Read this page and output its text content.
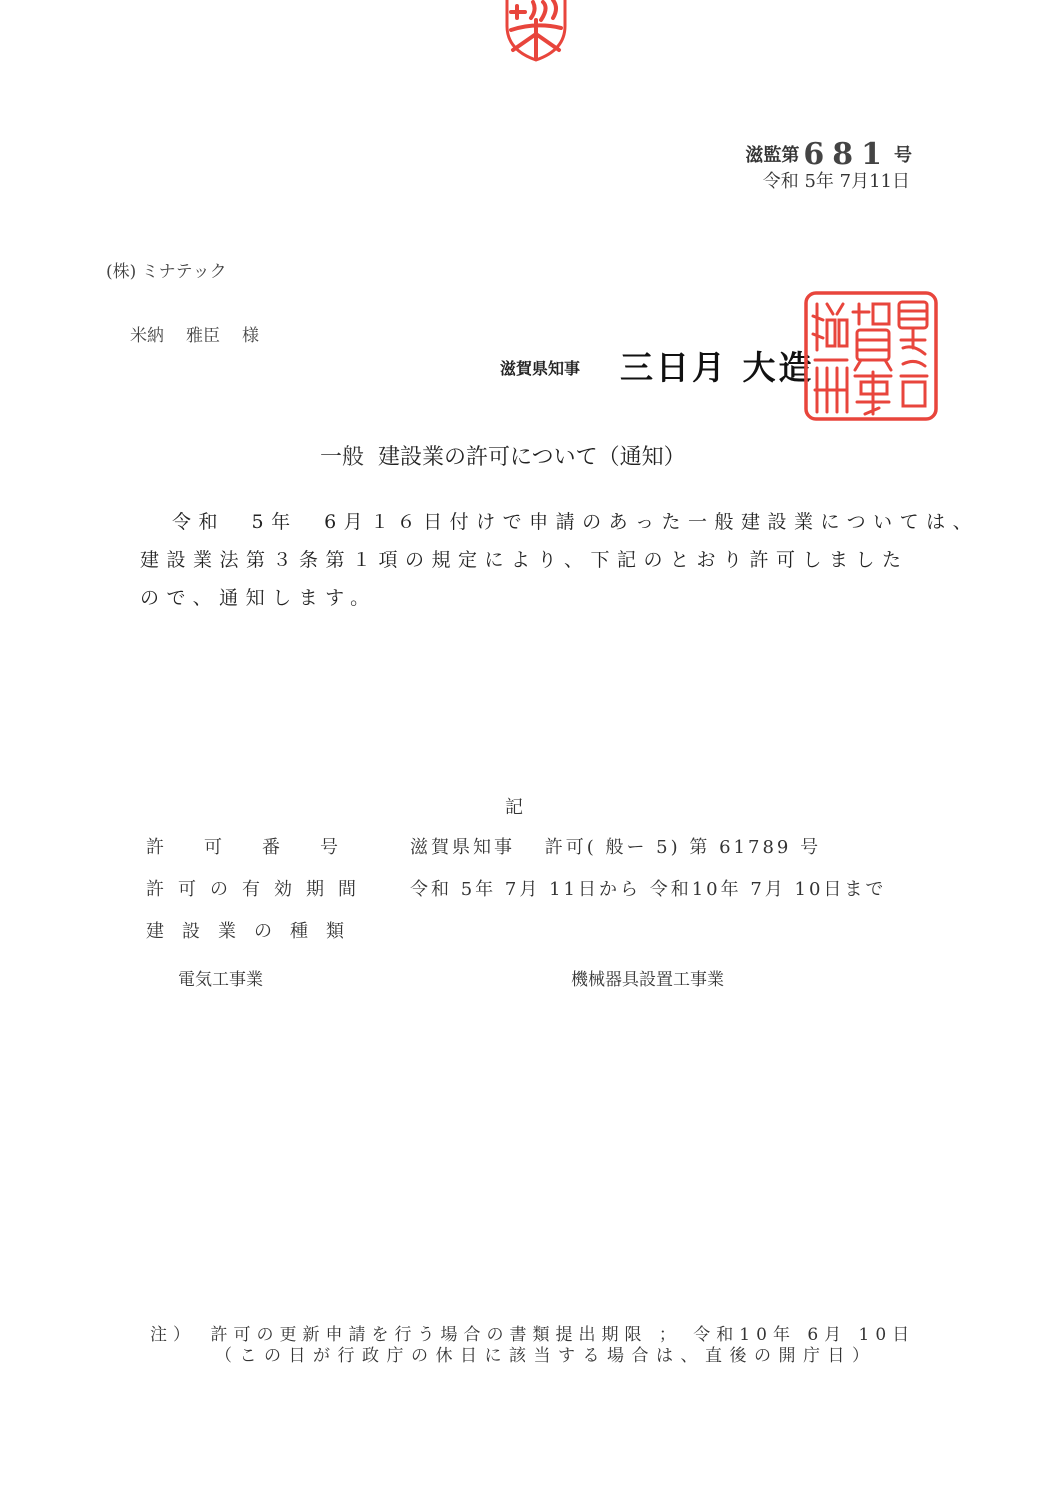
滋監第 681 号
令和 5年 7月11日
(株) ミナテック
米納 雅臣 様
滋賀県知事 三日月 大造
一般 建設業の許可について（通知）
令和　5年　6月１６日付けで申請のあった一般建設業については、
建設業法第３条第１項の規定により、下記のとおり許可しました
ので、通知します。
記
許可番号 滋賀県知事　 許可( 般ー 5) 第 61789 号
許可の有効期間 令和 5年 7月 11日から 令和10年 7月 10日まで
建設業の種類
電気工事業	機械器具設置工事業
注）　許可の更新申請を行う場合の書類提出期限 ； 令和10年 6月 10日
（この日が行政庁の休日に該当する場合は、直後の開庁日）
